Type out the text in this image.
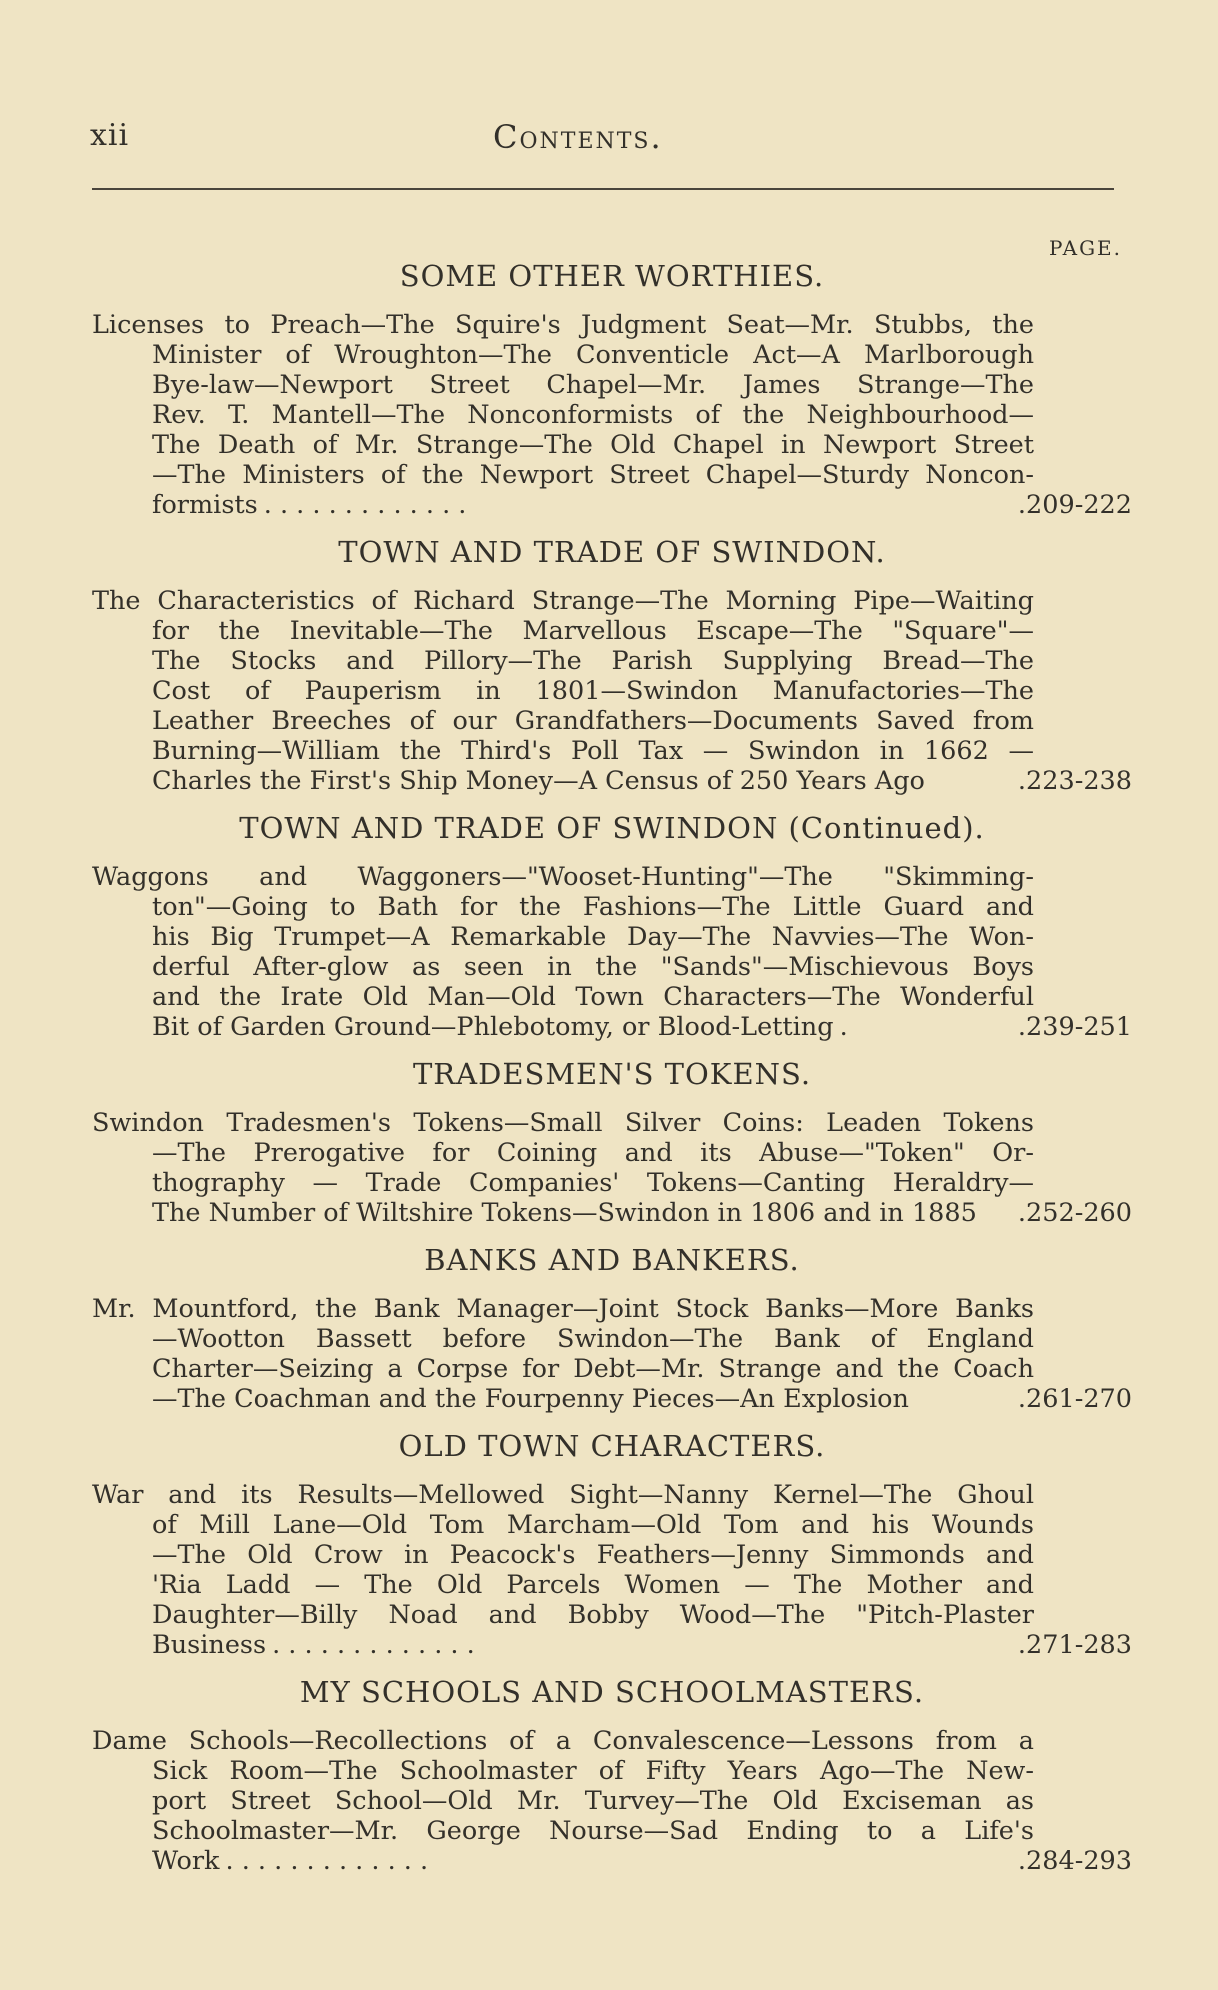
xii	Contents.
PAGE.
SOME OTHER WORTHIES.
Licenses to Preach—The Squire's Judgment Seat—Mr. Stubbs, the
Minister of Wroughton—The Conventicle Act—A Marlborough
Bye-law—Newport Street Chapel—Mr. James Strange—The
Rev. T. Mantell—The Nonconformists of the Neighbourhood—
The Death of Mr. Strange—The Old Chapel in Newport Street
—The Ministers of the Newport Street Chapel—Sturdy Noncon-
formists . . . . . . . . . . . . .	.209-222
TOWN AND TRADE OF SWINDON.
The Characteristics of Richard Strange—The Morning Pipe—Waiting
for the Inevitable—The Marvellous Escape—The "Square"—
The Stocks and Pillory—The Parish Supplying Bread—The
Cost of Pauperism in 1801—Swindon Manufactories—The
Leather Breeches of our Grandfathers—Documents Saved from
Burning—William the Third's Poll Tax — Swindon in 1662 —
Charles the First's Ship Money—A Census of 250 Years Ago	.223-238
TOWN AND TRADE OF SWINDON (Continued).
Waggons and Waggoners—"Wooset-Hunting"—The "Skimming-
ton"—Going to Bath for the Fashions—The Little Guard and
his Big Trumpet—A Remarkable Day—The Navvies—The Won-
derful After-glow as seen in the "Sands"—Mischievous Boys
and the Irate Old Man—Old Town Characters—The Wonderful
Bit of Garden Ground—Phlebotomy, or Blood-Letting .	.239-251
TRADESMEN'S TOKENS.
Swindon Tradesmen's Tokens—Small Silver Coins: Leaden Tokens
—The Prerogative for Coining and its Abuse—"Token" Or-
thography — Trade Companies' Tokens—Canting Heraldry—
The Number of Wiltshire Tokens—Swindon in 1806 and in 1885 .252-260
BANKS AND BANKERS.
Mr. Mountford, the Bank Manager—Joint Stock Banks—More Banks
—Wootton Bassett before Swindon—The Bank of England
Charter—Seizing a Corpse for Debt—Mr. Strange and the Coach
—The Coachman and the Fourpenny Pieces—An Explosion	.261-270
OLD TOWN CHARACTERS.
War and its Results—Mellowed Sight—Nanny Kernel—The Ghoul
of Mill Lane—Old Tom Marcham—Old Tom and his Wounds
—The Old Crow in Peacock's Feathers—Jenny Simmonds and
'Ria Ladd — The Old Parcels Women — The Mother and
Daughter—Billy Noad and Bobby Wood—The "Pitch-Plaster
Business . . . . . . . . . . . . .	.271-283
MY SCHOOLS AND SCHOOLMASTERS.
Dame Schools—Recollections of a Convalescence—Lessons from a
Sick Room—The Schoolmaster of Fifty Years Ago—The New-
port Street School—Old Mr. Turvey—The Old Exciseman as
Schoolmaster—Mr. George Nourse—Sad Ending to a Life's
Work . . . . . . . . . . . . .	.284-293
